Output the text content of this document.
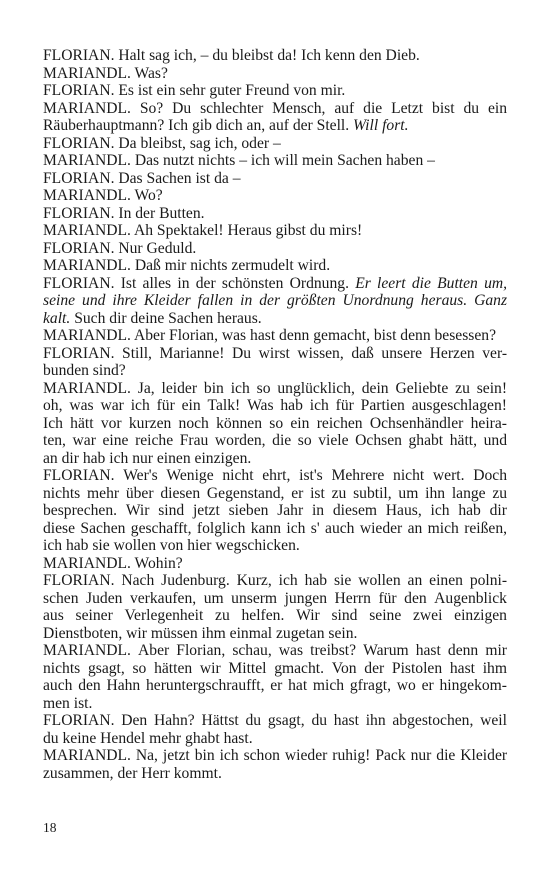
FLORIAN. Halt sag ich, – du bleibst da! Ich kenn den Dieb.
MARIANDL. Was?
FLORIAN. Es ist ein sehr guter Freund von mir.
MARIANDL. So? Du schlechter Mensch, auf die Letzt bist du ein
Räuberhauptmann? Ich gib dich an, auf der Stell. Will fort.
FLORIAN. Da bleibst, sag ich, oder –
MARIANDL. Das nutzt nichts – ich will mein Sachen haben –
FLORIAN. Das Sachen ist da –
MARIANDL. Wo?
FLORIAN. In der Butten.
MARIANDL. Ah Spektakel! Heraus gibst du mirs!
FLORIAN. Nur Geduld.
MARIANDL. Daß mir nichts zermudelt wird.
FLORIAN. Ist alles in der schönsten Ordnung. Er leert die Butten um,
seine und ihre Kleider fallen in der größten Unordnung heraus. Ganz
kalt. Such dir deine Sachen heraus.
MARIANDL. Aber Florian, was hast denn gemacht, bist denn besessen?
FLORIAN. Still, Marianne! Du wirst wissen, daß unsere Herzen ver-
bunden sind?
MARIANDL. Ja, leider bin ich so unglücklich, dein Geliebte zu sein!
oh, was war ich für ein Talk! Was hab ich für Partien ausgeschlagen!
Ich hätt vor kurzen noch können so ein reichen Ochsenhändler heira-
ten, war eine reiche Frau worden, die so viele Ochsen ghabt hätt, und
an dir hab ich nur einen einzigen.
FLORIAN. Wer's Wenige nicht ehrt, ist's Mehrere nicht wert. Doch
nichts mehr über diesen Gegenstand, er ist zu subtil, um ihn lange zu
besprechen. Wir sind jetzt sieben Jahr in diesem Haus, ich hab dir
diese Sachen geschafft, folglich kann ich s' auch wieder an mich reißen,
ich hab sie wollen von hier wegschicken.
MARIANDL. Wohin?
FLORIAN. Nach Judenburg. Kurz, ich hab sie wollen an einen polni-
schen Juden verkaufen, um unserm jungen Herrn für den Augenblick
aus seiner Verlegenheit zu helfen. Wir sind seine zwei einzigen
Dienstboten, wir müssen ihm einmal zugetan sein.
MARIANDL. Aber Florian, schau, was treibst? Warum hast denn mir
nichts gsagt, so hätten wir Mittel gmacht. Von der Pistolen hast ihm
auch den Hahn heruntergschraufft, er hat mich gfragt, wo er hingekom-
men ist.
FLORIAN. Den Hahn? Hättst du gsagt, du hast ihn abgestochen, weil
du keine Hendel mehr ghabt hast.
MARIANDL. Na, jetzt bin ich schon wieder ruhig! Pack nur die Kleider
zusammen, der Herr kommt.
18
